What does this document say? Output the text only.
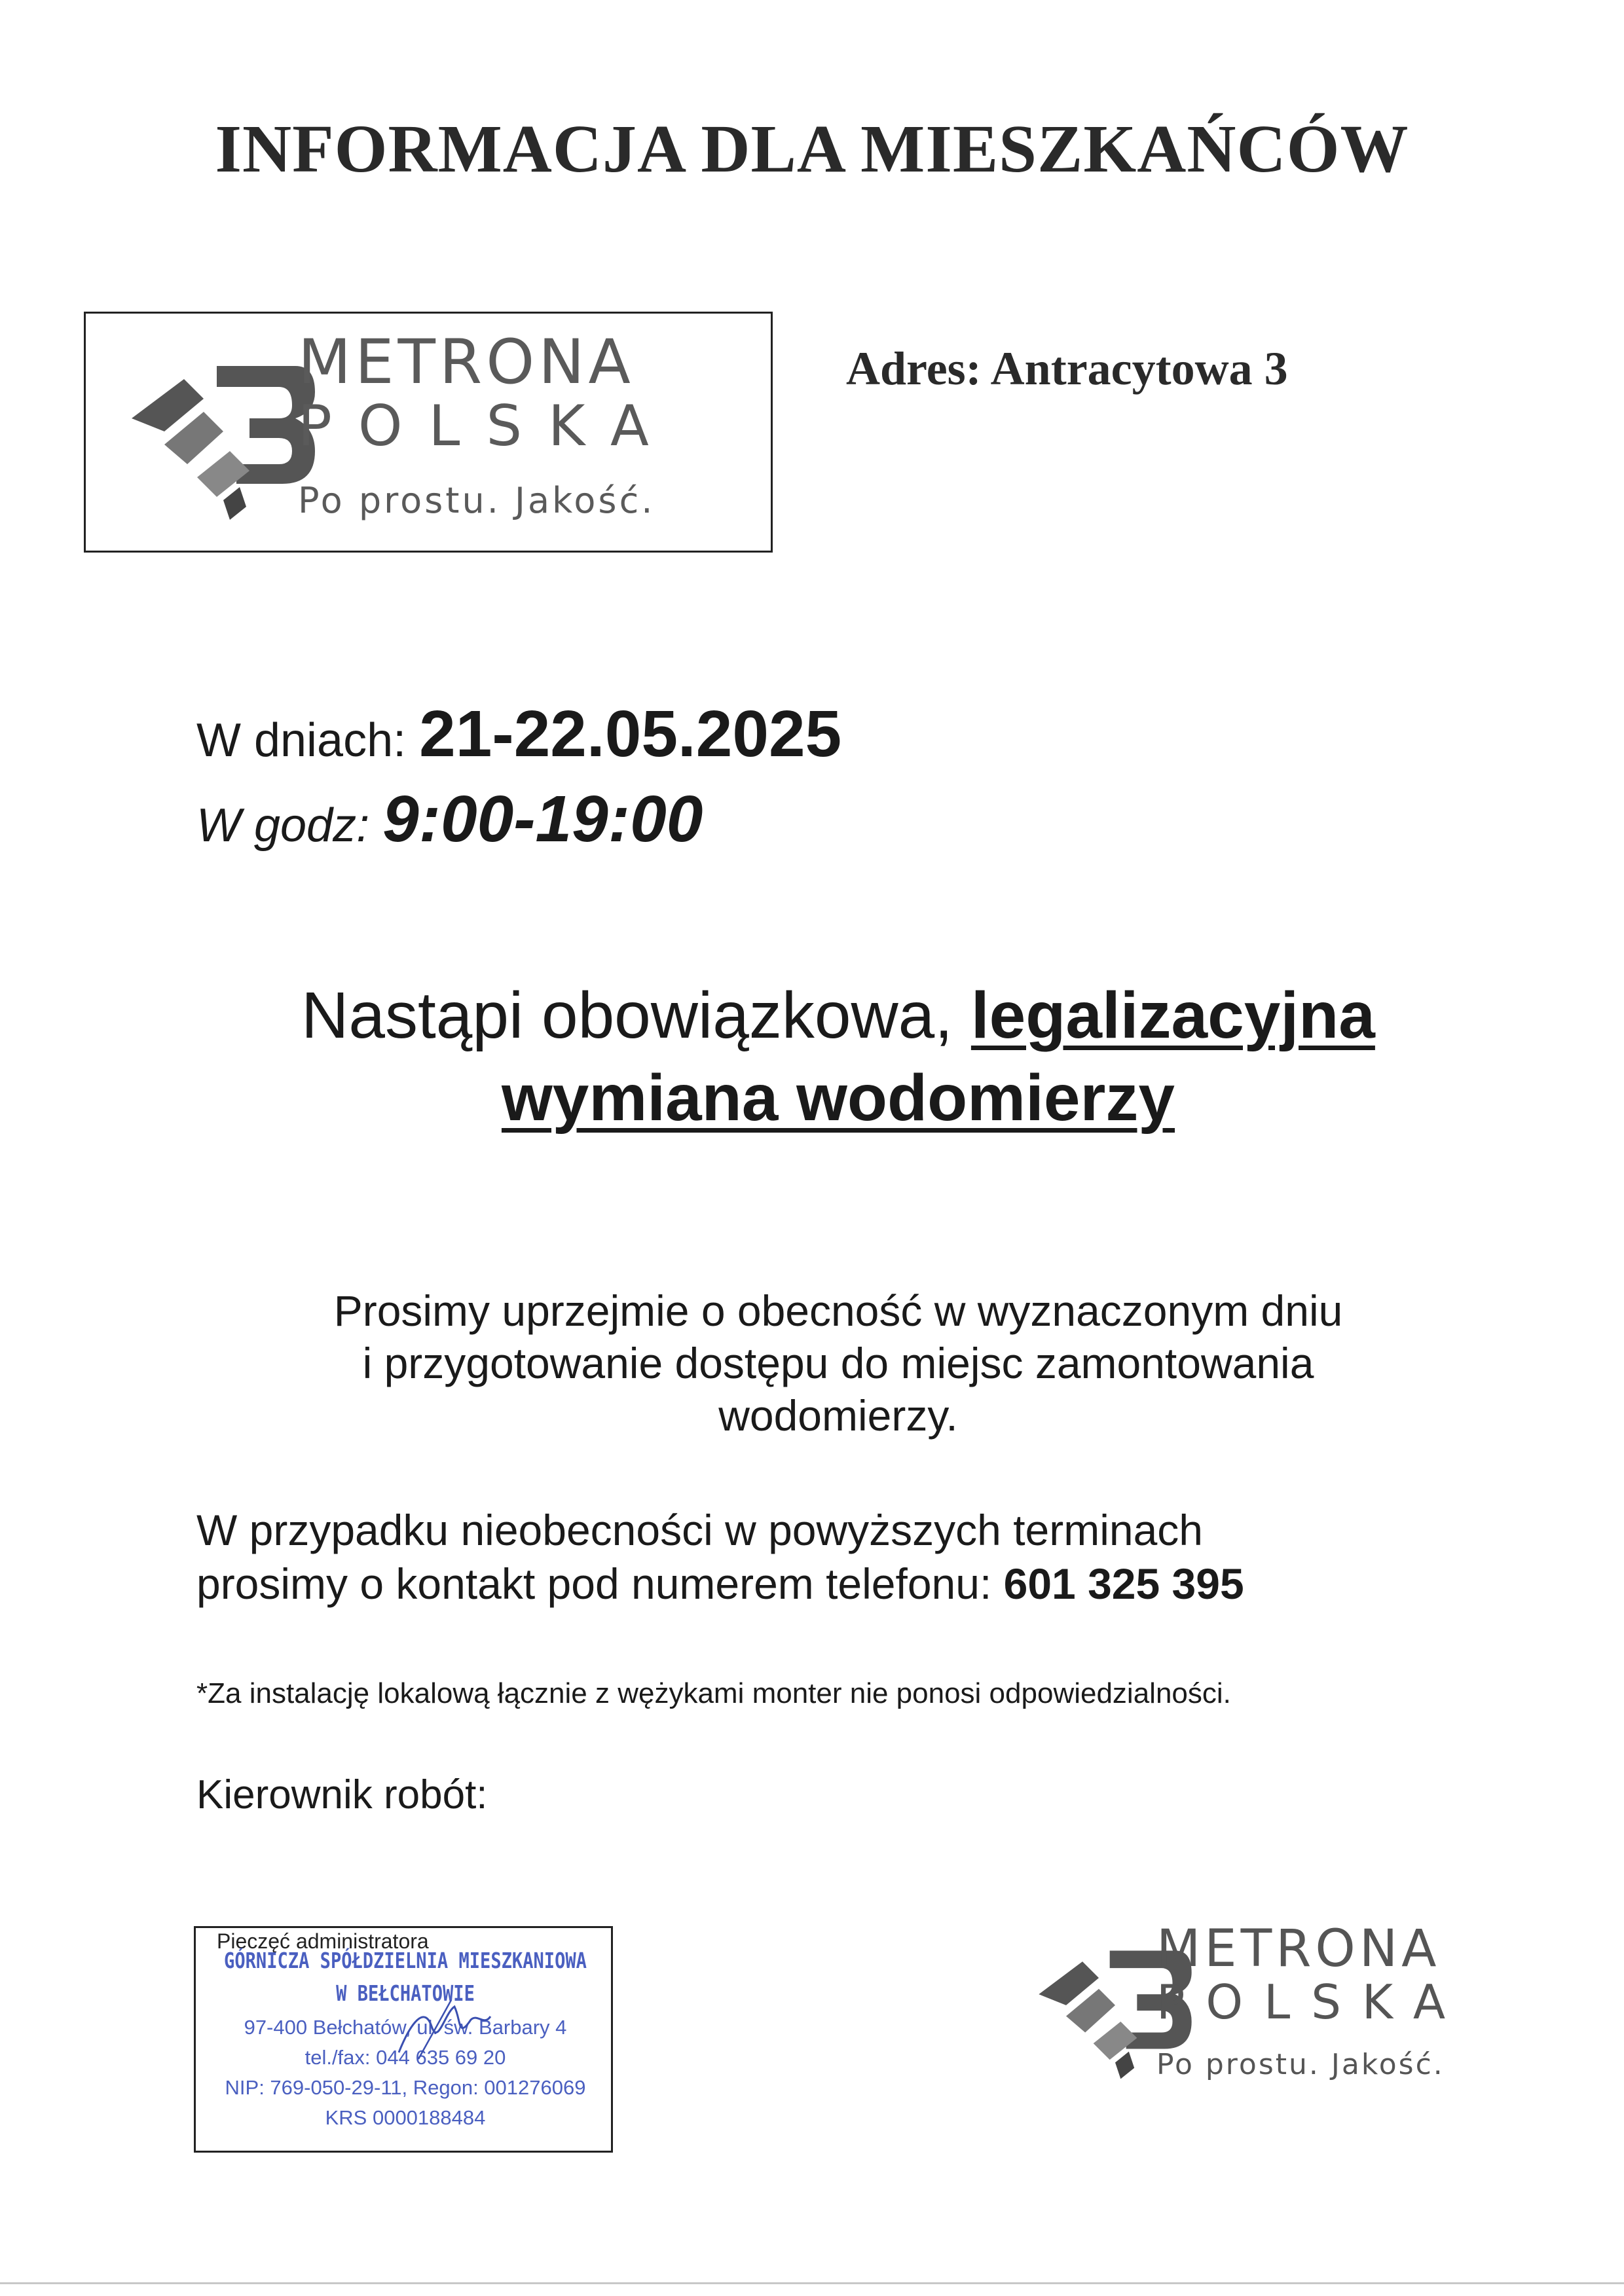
INFORMACJA DLA MIESZKAŃCÓW
METRONA
POLSKA
Po prostu. Jakość.
Adres: Antracytowa 3
W dniach: 21-22.05.2025
W godz: 9:00-19:00
Nastąpi obowiązkowa, legalizacyjna
wymiana wodomierzy
Prosimy uprzejmie o obecność w wyznaczonym dniu
i przygotowanie dostępu do miejsc zamontowania
wodomierzy.
W przypadku nieobecności w powyższych terminach
prosimy o kontakt pod numerem telefonu: 601 325 395
*Za instalację lokalową łącznie z wężykami monter nie ponosi odpowiedzialności.
Kierownik robót:
Pieczęć administratora
GÓRNICZA SPÓŁDZIELNIA MIESZKANIOWA
W BEŁCHATOWIE
97-400 Bełchatów, ul. św. Barbary 4
tel./fax: 044 635 69 20
NIP: 769-050-29-11, Regon: 001276069
KRS 0000188484
METRONA
POLSKA
Po prostu. Jakość.
